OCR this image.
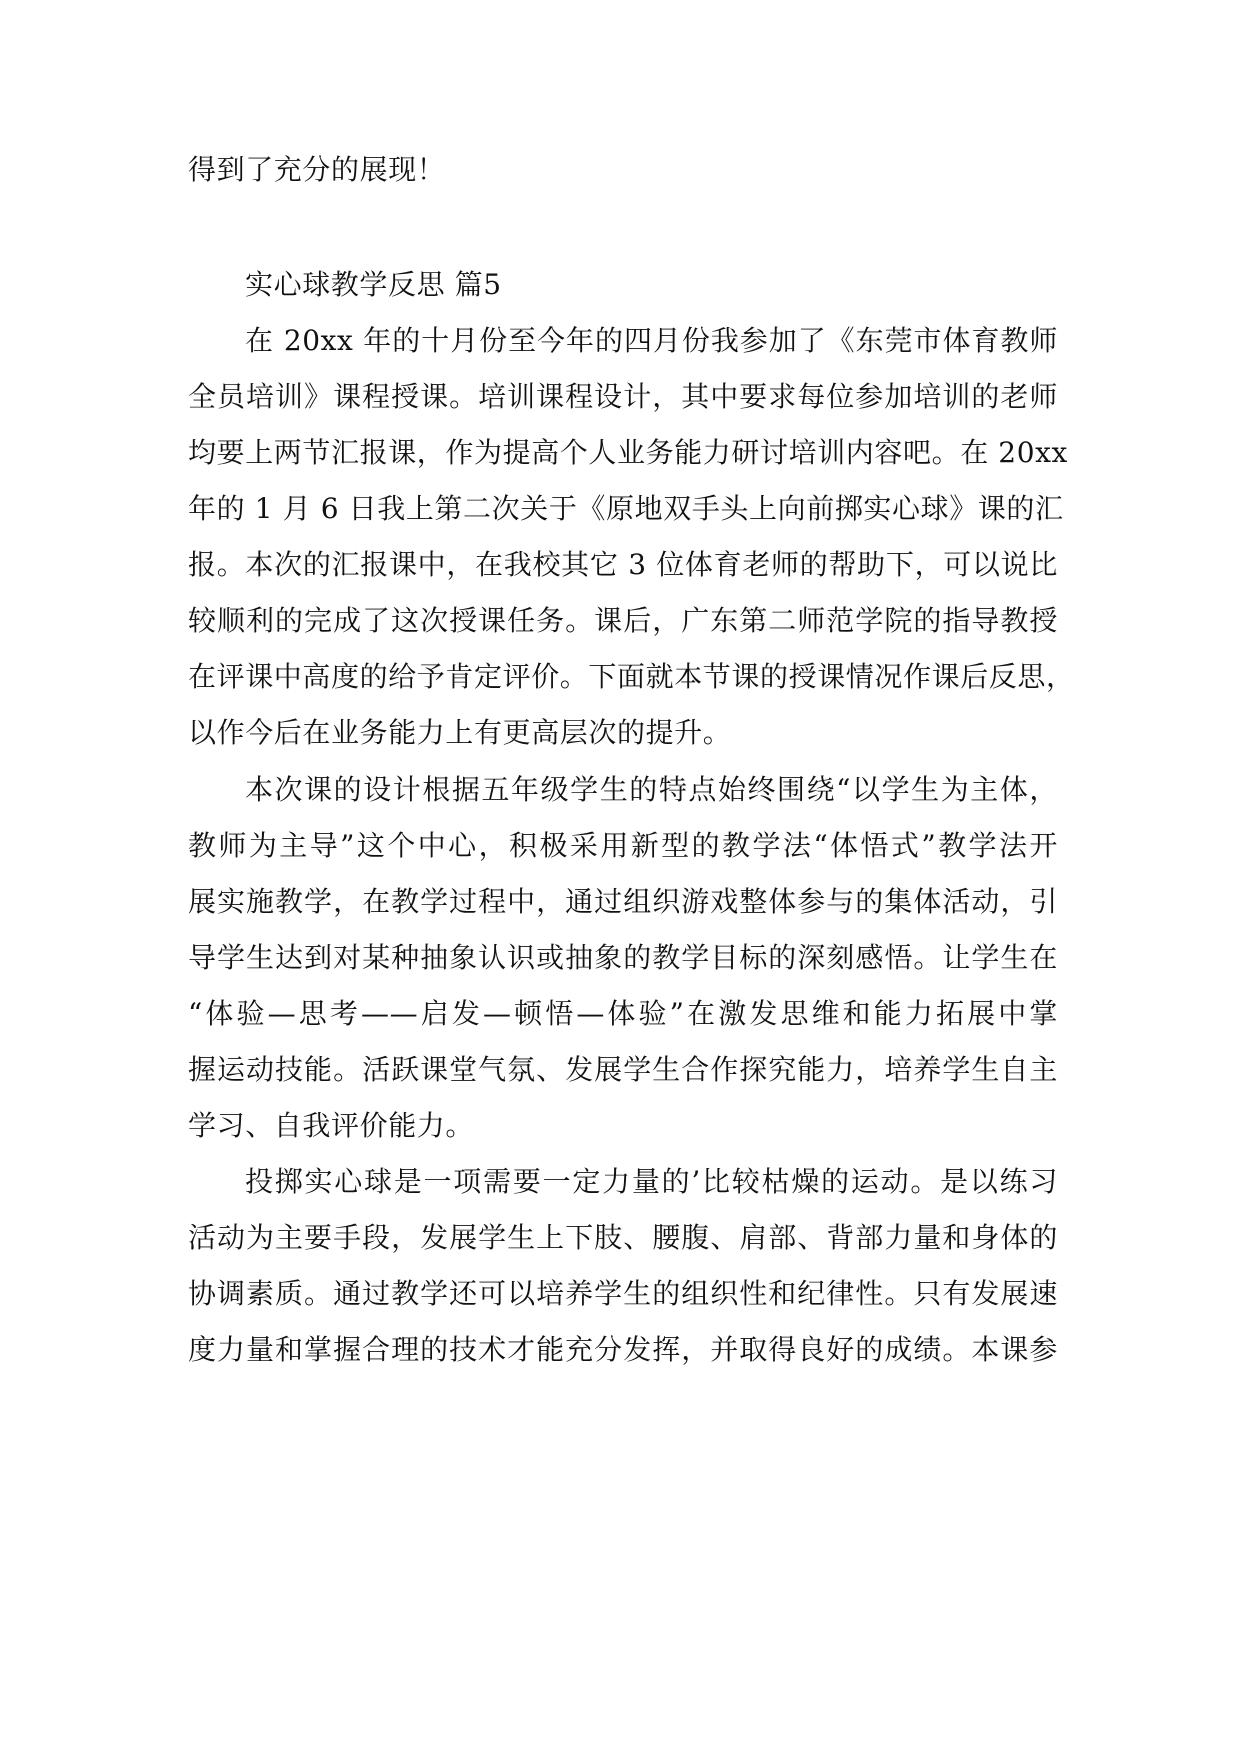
得到了充分的展现！

实心球教学反思 篇5

在 20xx 年的十月份至今年的四月份我参加了《东莞市体育教师

全员培训》课程授课。培训课程设计，其中要求每位参加培训的老师

均要上两节汇报课，作为提高个人业务能力研讨培训内容吧。在 20xx

年的 1 月 6 日我上第二次关于《原地双手头上向前掷实心球》课的汇

报。本次的汇报课中，在我校其它 3 位体育老师的帮助下，可以说比

较顺利的完成了这次授课任务。课后，广东第二师范学院的指导教授

在评课中高度的给予肯定评价。下面就本节课的授课情况作课后反思，

以作今后在业务能力上有更高层次的提升。

本次课的设计根据五年级学生的特点始终围绕“以学生为主体，

教师为主导”这个中心，积极采用新型的教学法“体悟式”教学法开

展实施教学，在教学过程中，通过组织游戏整体参与的集体活动，引

导学生达到对某种抽象认识或抽象的教学目标的深刻感悟。让学生在

“体验—思考——启发—顿悟—体验”在激发思维和能力拓展中掌

握运动技能。活跃课堂气氛、发展学生合作探究能力，培养学生自主

学习、自我评价能力。

投掷实心球是一项需要一定力量的’比较枯燥的运动。是以练习

活动为主要手段，发展学生上下肢、腰腹、肩部、背部力量和身体的

协调素质。通过教学还可以培养学生的组织性和纪律性。只有发展速

度力量和掌握合理的技术才能充分发挥，并取得良好的成绩。本课参
